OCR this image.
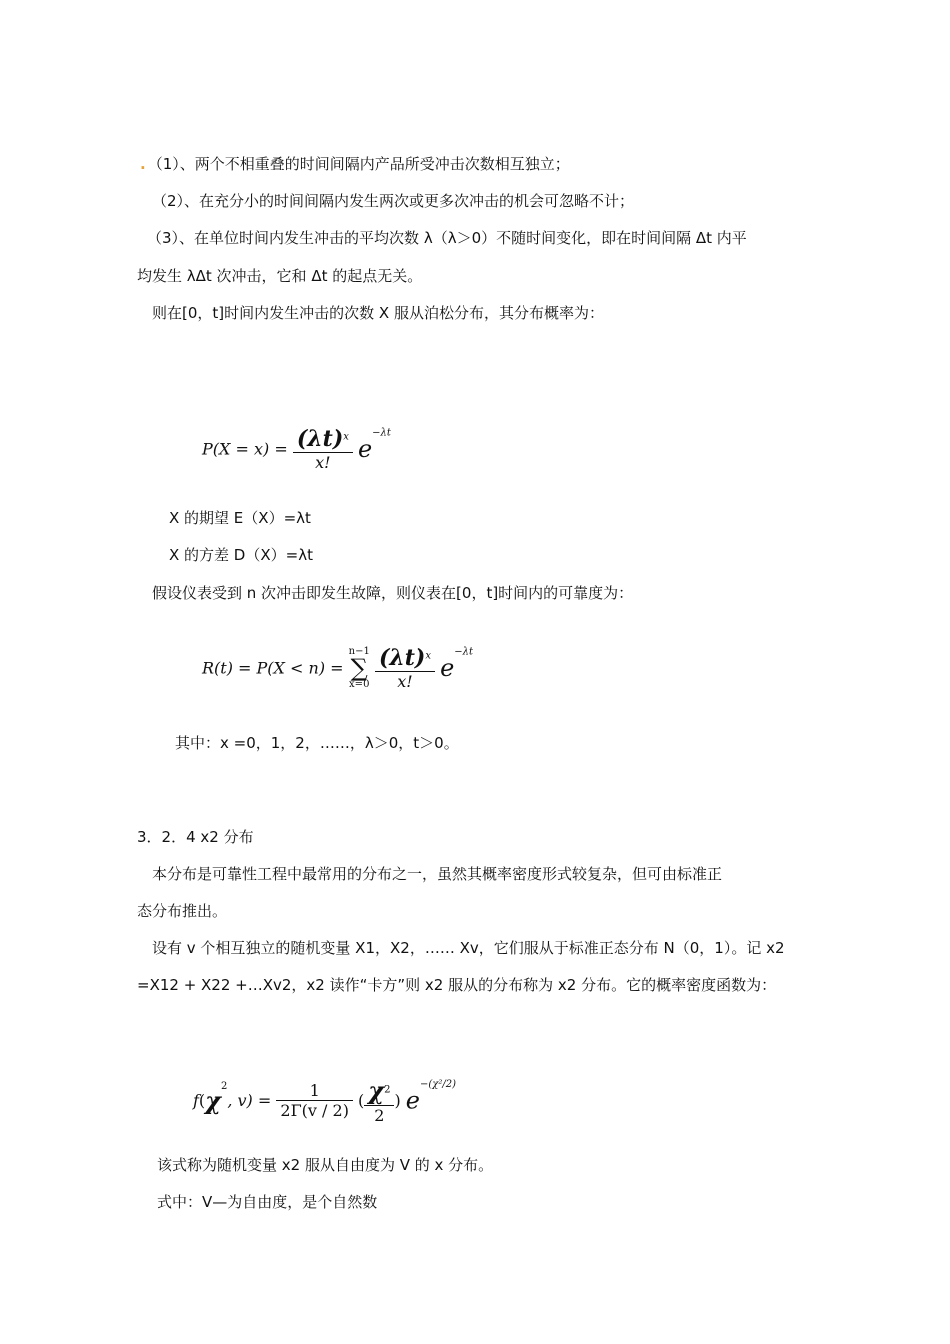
. （1）、两个不相重叠的时间间隔内产品所受冲击次数相互独立；
（2）、在充分小的时间间隔内发生两次或更多次冲击的机会可忽略不计；
（3）、在单位时间内发生冲击的平均次数 λ（λ＞0）不随时间变化，即在时间间隔 Δt 内平
均发生 λΔt 次冲击，它和 Δt 的起点无关。
则在[0，t]时间内发生冲击的次数 X 服从泊松分布，其分布概率为：
$P(X = x) = \frac{(\lambda t)^x}{x!} e^{-\lambda t}$
X 的期望 E（X）=λt
X 的方差 D（X）=λt
假设仪表受到 n 次冲击即发生故障，则仪表在[0，t]时间内的可靠度为：
R(t) = P(X < n) =
n−1
∑
x=0
$\frac{(\lambda t)^x}{x!} e^{-\lambda t}$
其中：x =0，1，2，……，λ＞0，t＞0。
3．2．4 x2 分布
本分布是可靠性工程中最常用的分布之一，虽然其概率密度形式较复杂，但可由标准正
态分布推出。
设有 v 个相互独立的随机变量 X1，X2，…… Xv，它们服从于标准正态分布 N（0，1）。记 x2
=X12 + X22 +…Xv2，x2 读作“卡方”则 x2 服从的分布称为 x2 分布。它的概率密度函数为：
$f(\chi^2$, $v) = \frac{1}{2\Gamma(v / 2)}$ ( $\frac{\chi^2}{2}$ ) $e^{-(\chi^2/2)}$
该式称为随机变量 x2 服从自由度为 V 的 x 分布。
式中：V—为自由度，是个自然数
